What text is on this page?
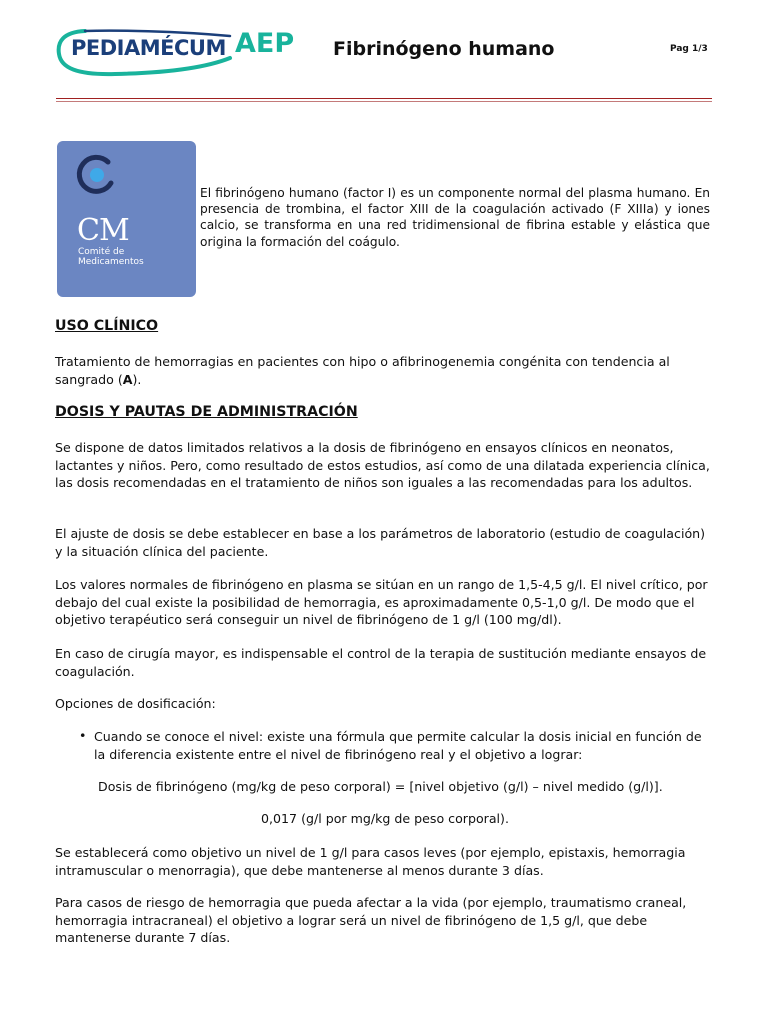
PEDIAMÉCUM AEP Fibrinógeno humano	Pag 1/3
CM
Comité de
Medicamentos
El fibrinógeno humano (factor I) es un componente normal del plasma humano. En presencia de trombina, el factor XIII de la coagulación activado (F XIIIa) y iones calcio, se transforma en una red tridimensional de fibrina estable y elástica que origina la formación del coágulo.
USO CLÍNICO
Tratamiento de hemorragias en pacientes con hipo o afibrinogenemia congénita con tendencia al sangrado (A).
DOSIS Y PAUTAS DE ADMINISTRACIÓN
Se dispone de datos limitados relativos a la dosis de fibrinógeno en ensayos clínicos en neonatos, lactantes y niños. Pero, como resultado de estos estudios, así como de una dilatada experiencia clínica, las dosis recomendadas en el tratamiento de niños son iguales a las recomendadas para los adultos.
El ajuste de dosis se debe establecer en base a los parámetros de laboratorio (estudio de coagulación) y la situación clínica del paciente.
Los valores normales de fibrinógeno en plasma se sitúan en un rango de 1,5-4,5 g/l. El nivel crítico, por debajo del cual existe la posibilidad de hemorragia, es aproximadamente 0,5-1,0 g/l. De modo que el objetivo terapéutico será conseguir un nivel de fibrinógeno de 1 g/l (100 mg/dl).
En caso de cirugía mayor, es indispensable el control de la terapia de sustitución mediante ensayos de coagulación.
Opciones de dosificación:
• Cuando se conoce el nivel: existe una fórmula que permite calcular la dosis inicial en función de la diferencia existente entre el nivel de fibrinógeno real y el objetivo a lograr:
Dosis de fibrinógeno (mg/kg de peso corporal) = [nivel objetivo (g/l) – nivel medido (g/l)].
0,017 (g/l por mg/kg de peso corporal).
Se establecerá como objetivo un nivel de 1 g/l para casos leves (por ejemplo, epistaxis, hemorragia intramuscular o menorragia), que debe mantenerse al menos durante 3 días.
Para casos de riesgo de hemorragia que pueda afectar a la vida (por ejemplo, traumatismo craneal, hemorragia intracraneal) el objetivo a lograr será un nivel de fibrinógeno de 1,5 g/l, que debe mantenerse durante 7 días.
